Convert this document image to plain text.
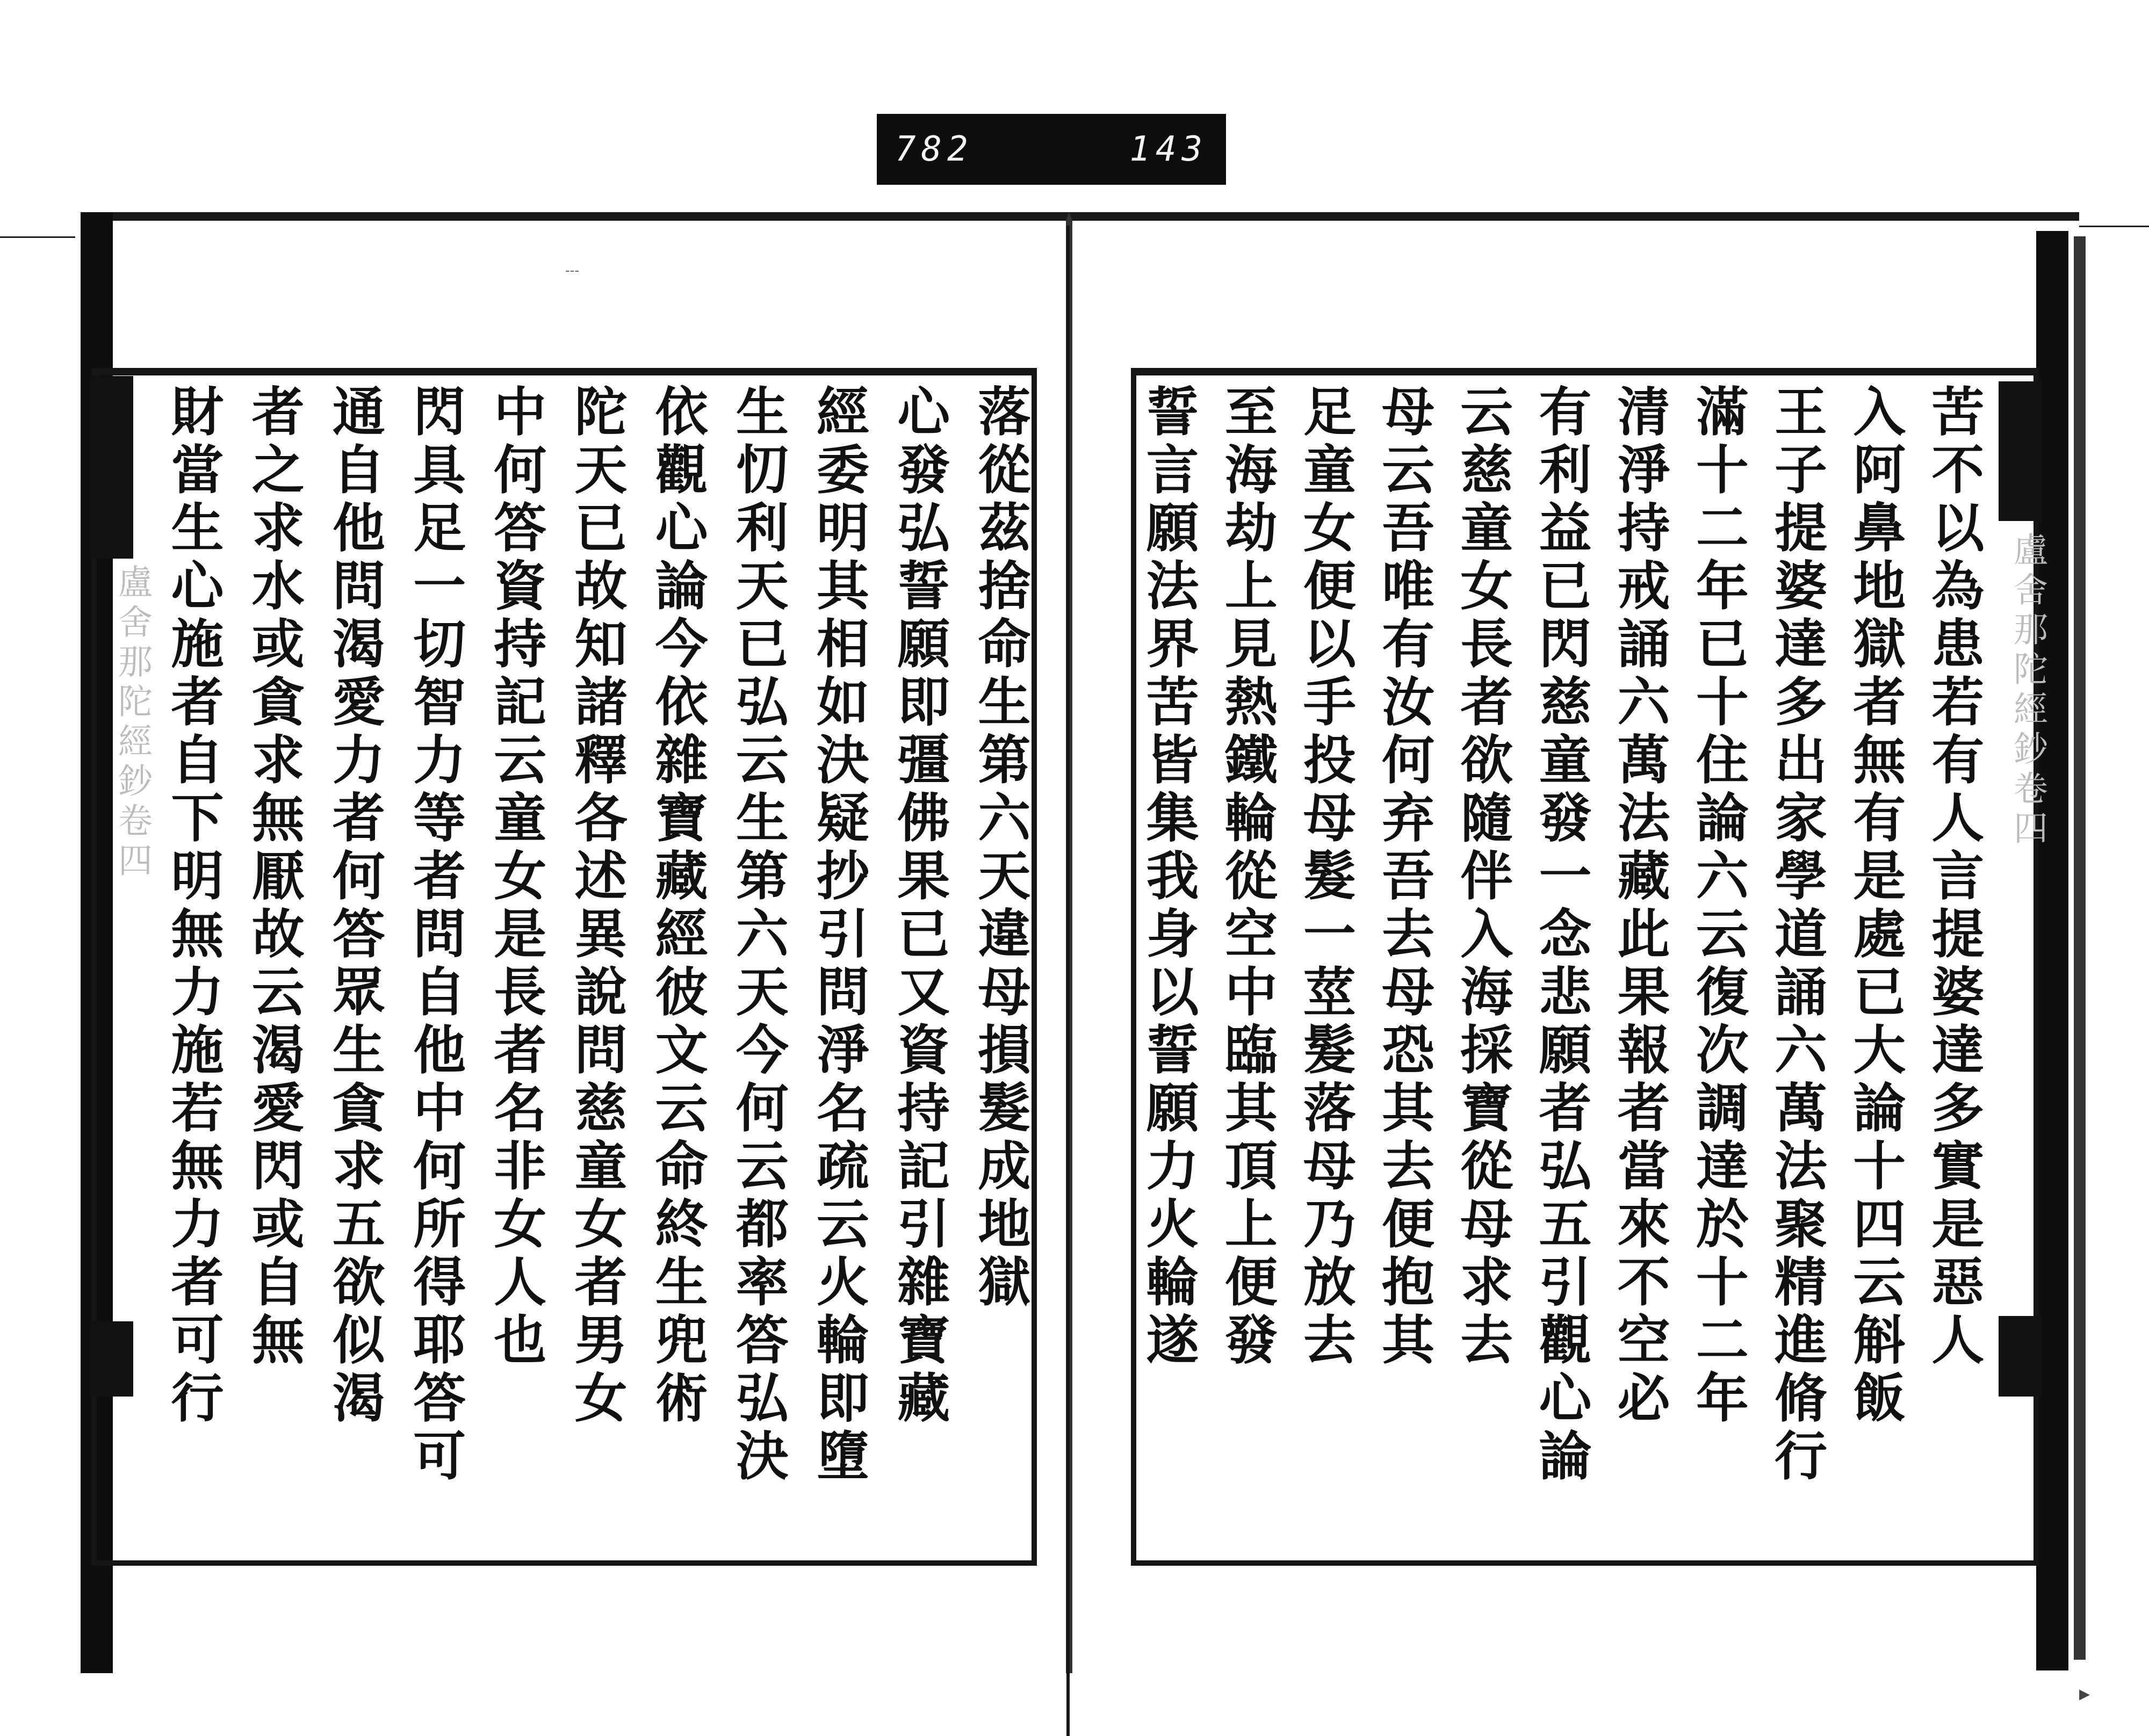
782	143
盧舍那陀經鈔卷四	盧舍那陀經鈔卷四
苦不以為患若有人言提婆達多實是惡人
入阿鼻地獄者無有是處已大論十四云斛飯
王子提婆達多出家學道誦六萬法聚精進脩行
滿十二年已十住論六云復次調達於十二年
清淨持戒誦六萬法藏此果報者當來不空必
有利益已閃慈童發一念悲願者弘五引觀心論
云慈童女長者欲隨伴入海採寶從母求去
母云吾唯有汝何弃吾去母恐其去便抱其
足童女便以手投母髮一莖髮落母乃放去
至海劫上見熱鐵輪從空中臨其頂上便發
誓言願法界苦皆集我身以誓願力火輪遂
落從茲捨命生第六天違母損髮成地獄
心發弘誓願即彊佛果已又資持記引雜寶藏
經委明其相如決疑抄引問淨名疏云火輪即墮
生忉利天已弘云生第六天今何云都率答弘決
依觀心論今依雜寶藏經彼文云命終生兜術
陀天已故知諸釋各述異說問慈童女者男女
中何答資持記云童女是長者名非女人也
閃具足一切智力等者問自他中何所得耶答可
通自他問渴愛力者何答眾生貪求五欲似渴
者之求水或貪求無厭故云渴愛閃或自無
財當生心施者自下明無力施若無力者可行
﹉
▸
